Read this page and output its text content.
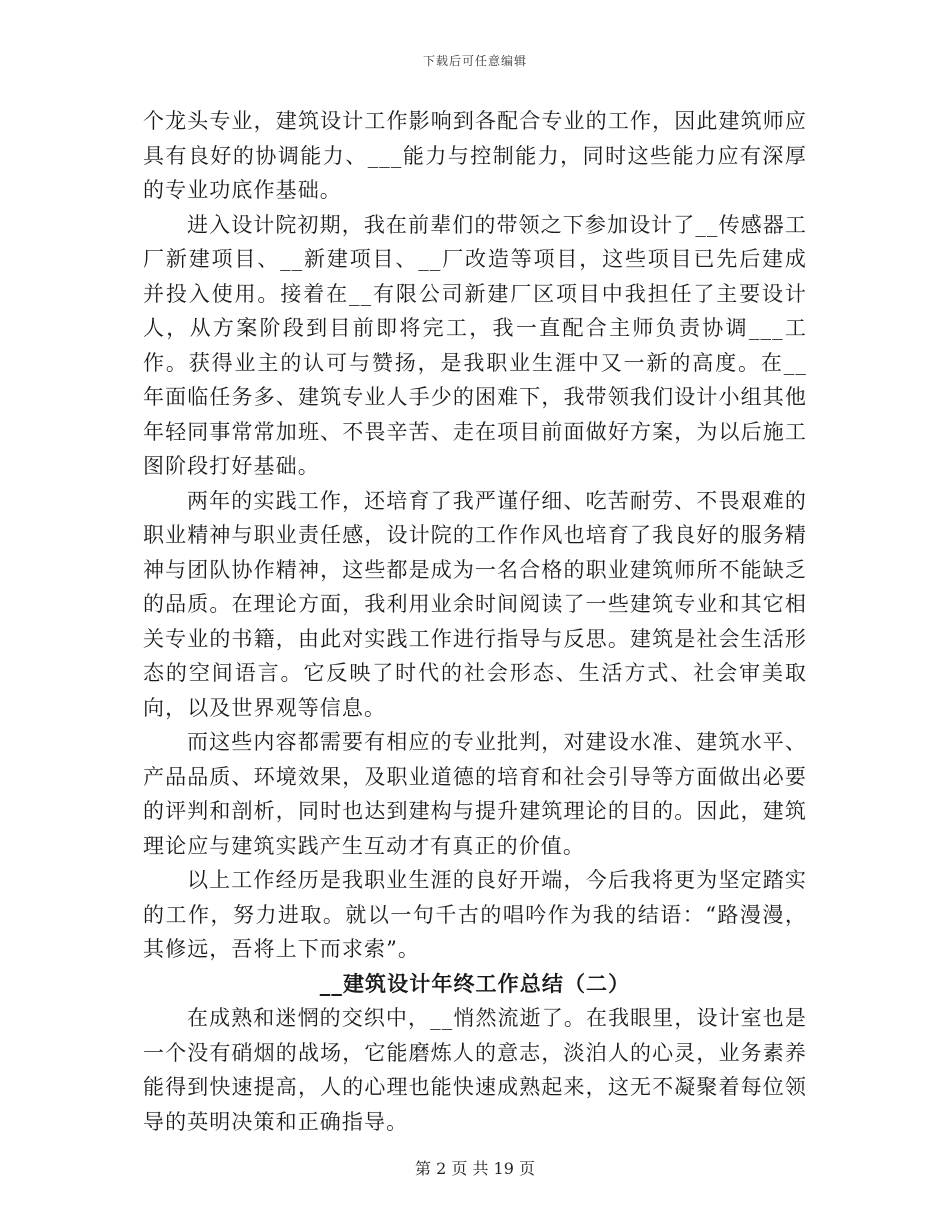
下载后可任意编辑

个龙头专业，建筑设计工作影响到各配合专业的工作，因此建筑师应具有良好的协调能力、___能力与控制能力，同时这些能力应有深厚的专业功底作基础。

进入设计院初期，我在前辈们的带领之下参加设计了__传感器工厂新建项目、__新建项目、__厂改造等项目，这些项目已先后建成并投入使用。接着在__有限公司新建厂区项目中我担任了主要设计人，从方案阶段到目前即将完工，我一直配合主师负责协调___工作。获得业主的认可与赞扬，是我职业生涯中又一新的高度。在__年面临任务多、建筑专业人手少的困难下，我带领我们设计小组其他年轻同事常常加班、不畏辛苦、走在项目前面做好方案，为以后施工图阶段打好基础。

两年的实践工作，还培育了我严谨仔细、吃苦耐劳、不畏艰难的职业精神与职业责任感，设计院的工作作风也培育了我良好的服务精神与团队协作精神，这些都是成为一名合格的职业建筑师所不能缺乏的品质。在理论方面，我利用业余时间阅读了一些建筑专业和其它相关专业的书籍，由此对实践工作进行指导与反思。建筑是社会生活形态的空间语言。它反映了时代的社会形态、生活方式、社会审美取向，以及世界观等信息。

而这些内容都需要有相应的专业批判，对建设水准、建筑水平、产品品质、环境效果，及职业道德的培育和社会引导等方面做出必要的评判和剖析，同时也达到建构与提升建筑理论的目的。因此，建筑理论应与建筑实践产生互动才有真正的价值。

以上工作经历是我职业生涯的良好开端，今后我将更为坚定踏实的工作，努力进取。就以一句千古的唱吟作为我的结语：“路漫漫，其修远，吾将上下而求索”。

__建筑设计年终工作总结（二）

在成熟和迷惘的交织中，__悄然流逝了。在我眼里，设计室也是一个没有硝烟的战场，它能磨炼人的意志，淡泊人的心灵，业务素养能得到快速提高，人的心理也能快速成熟起来，这无不凝聚着每位领导的英明决策和正确指导。

第 2 页 共 19 页
